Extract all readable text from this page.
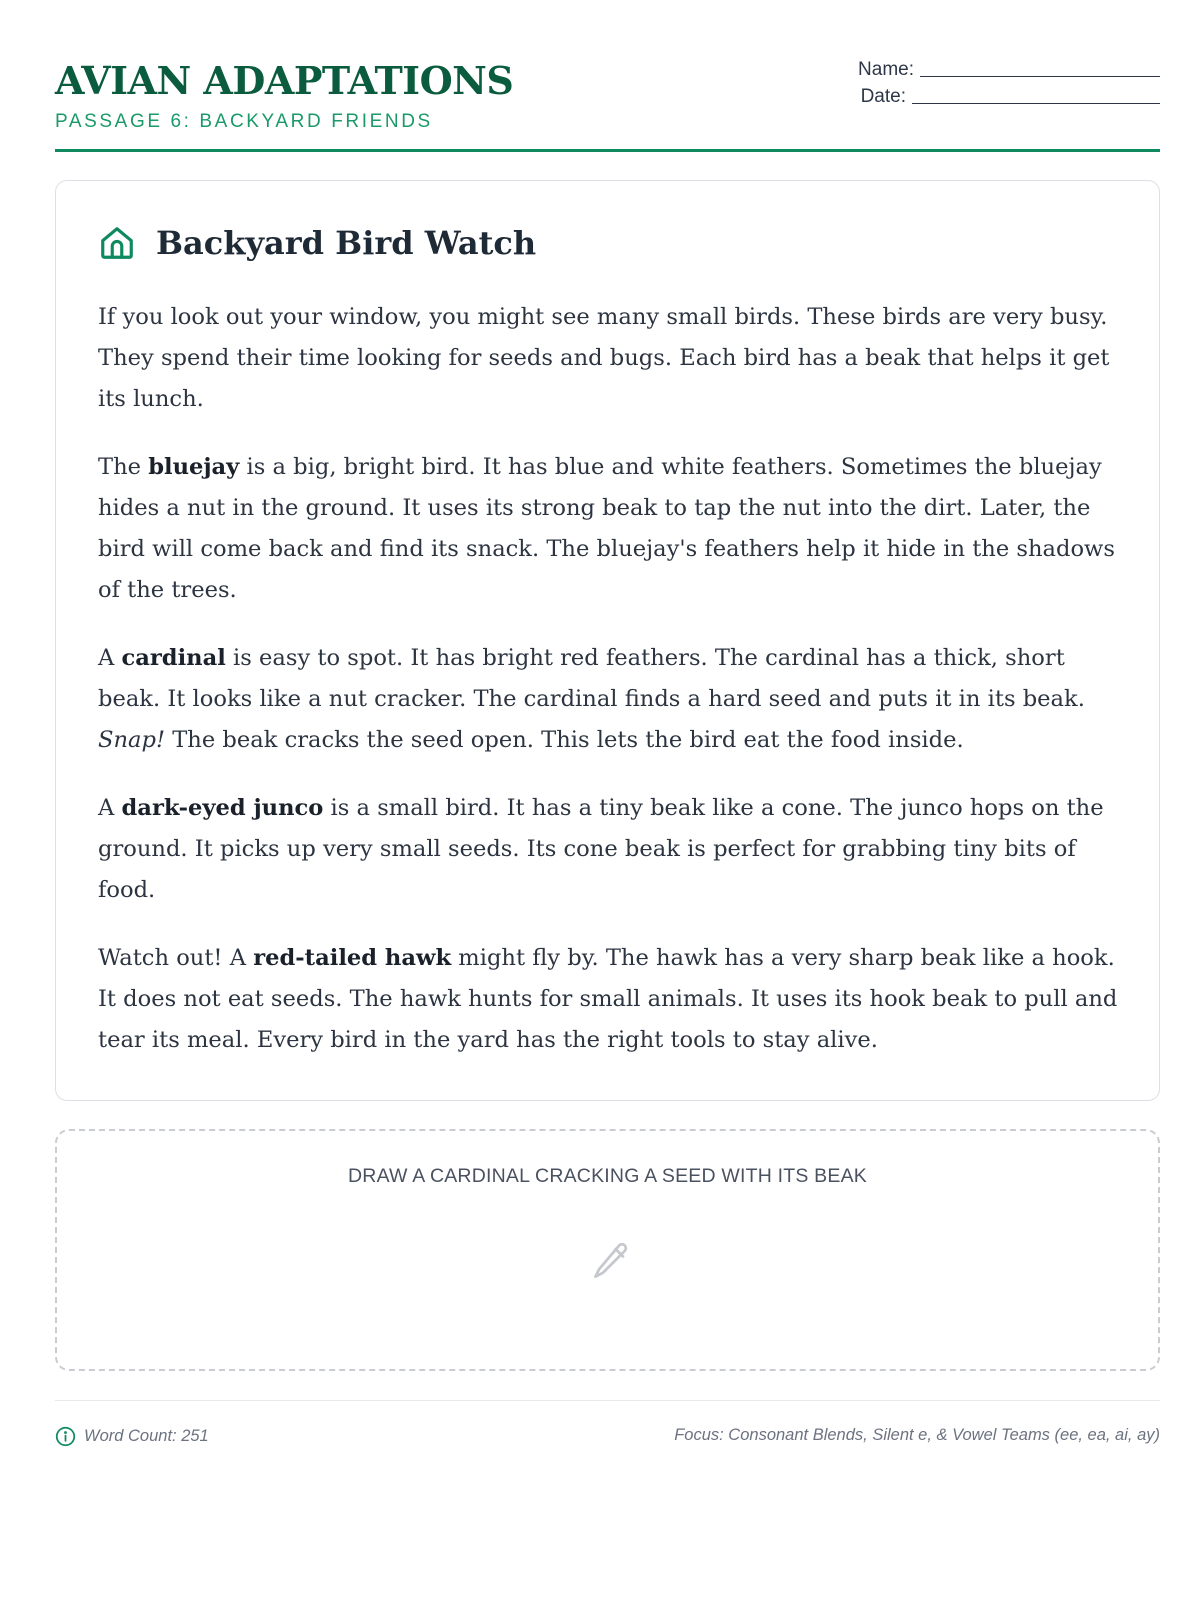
AVIAN ADAPTATIONS
PASSAGE 6: BACKYARD FRIENDS
Name:
Date:
Backyard Bird Watch

If you look out your window, you might see many small birds. These birds are very busy. They spend their time looking for seeds and bugs. Each bird has a beak that helps it get its lunch.

The bluejay is a big, bright bird. It has blue and white feathers. Sometimes the bluejay hides a nut in the ground. It uses its strong beak to tap the nut into the dirt. Later, the bird will come back and find its snack. The bluejay's feathers help it hide in the shadows of the trees.

A cardinal is easy to spot. It has bright red feathers. The cardinal has a thick, short beak. It looks like a nut cracker. The cardinal finds a hard seed and puts it in its beak. Snap! The beak cracks the seed open. This lets the bird eat the food inside.

A dark-eyed junco is a small bird. It has a tiny beak like a cone. The junco hops on the ground. It picks up very small seeds. Its cone beak is perfect for grabbing tiny bits of food.

Watch out! A red-tailed hawk might fly by. The hawk has a very sharp beak like a hook. It does not eat seeds. The hawk hunts for small animals. It uses its hook beak to pull and tear its meal. Every bird in the yard has the right tools to stay alive.

DRAW A CARDINAL CRACKING A SEED WITH ITS BEAK
Word Count: 251	Focus: Consonant Blends, Silent e, & Vowel Teams (ee, ea, ai, ay)
